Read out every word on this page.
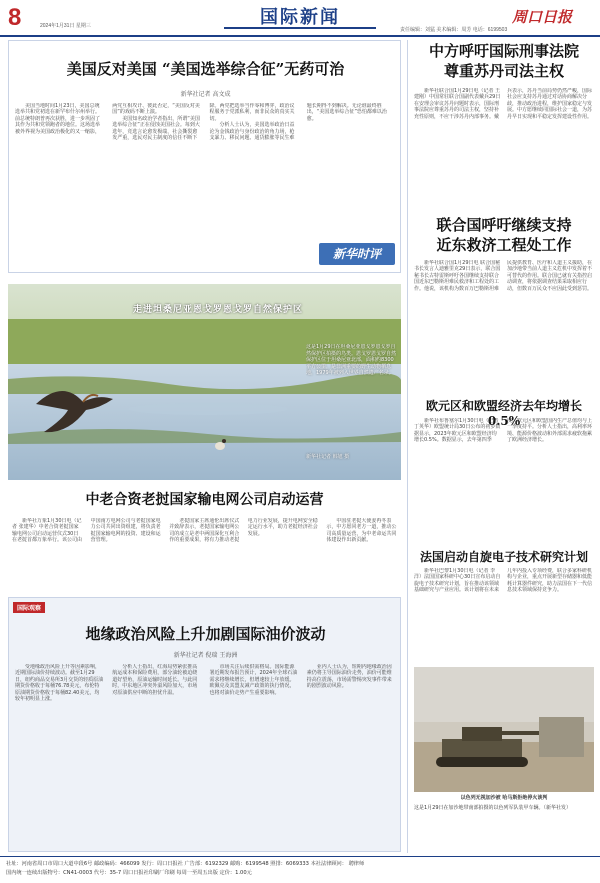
8	2024年1月31日 星期三	国际新闻	周口日报
责任编辑：刘猛 美术编辑：周芳 电话：6199503
美国反对美国 “美国选举综合征”无药可治
新华社记者 高文成

美国当地时间1月23日，美国总统选举共和党初选在新罕布什尔州举行。前总统特朗普再次获胜，进一步巩固了其作为共和党领跑者的地位。这场选举被外界视为美国政治极化的又一缩影，两党互相攻讦、彼此否定，“美国反对美国”的戏码不断上演。

美国知名政治学者指出，所谓“美国选举综合征”正在侵蚀美国社会。每到大选年，竞选言论愈发极端，社会撕裂愈发严重，选民对民主制度的信任不断下降。两党把选举当作零和博弈，政治议程服务于党派私利，而非民众的真实关切。

分析人士认为，美国选举政治日益沦为金钱政治与身份政治的角力场，枪支暴力、移民问题、通货膨胀等民生难题长期得不到解决。无论谁最终胜出，“美国选举综合征”恐怕都难以治愈。

新华时评
走进坦桑尼亚恩戈罗恩戈罗自然保护区
这是1月29日在坦桑尼亚恩戈罗恩戈罗自然保护区拍摄的鸟类。恩戈罗恩戈罗自然保护区位于坦桑尼亚北部，面积约8300平方公里，是非洲重要的野生动物栖息地，1979年被列入世界自然遗产名录。
新华社记者 韩旭 摄
中老合资老挝国家输电网公司启动运营

新华社万象1月30日电（记者 张建华）中老合资老挝国家输电网公司启动运营仪式30日在老挝首都万象举行。该公司由中国南方电网公司与老挝国家电力公司共同出资组建，将负责老挝国家输电网的投资、建设和运营管理。

老挝国家主席通伦出席仪式并致辞表示，老挝国家输电网公司的成立是老中两国深化互利合作的重要成果，将有力推动老挝电力行业发展，提升电网安全稳定运行水平，助力老挝经济社会发展。

中国驻老挝大使姜再冬表示，中方愿同老方一道，推动公司高质量运营，为中老命运共同体建设作出新贡献。

国际观察
地缘政治风险上升加剧国际油价波动
新华社记者 倪瑞 王海洲

受地缘政治风险上升等因素影响，近期国际油价持续波动。截至1月29日，纽约商品交易所3月交货的轻质原油期货价格收于每桶76.78美元，布伦特原油期货价格收于每桶82.40美元，均较年初明显上涨。

分析人士指出，红海局势紧张推高航运成本和保险费用，部分油轮被迫绕道好望角，原油运输时间延长。与此同时，中东地区冲突外溢风险加大，市场对原油供应中断的担忧升温。

市场关注后续供需格局。国际能源署近期发布报告预计，2024年全球石油需求将继续增长，但增速较上年放缓。欧佩克及其盟友减产政策的执行情况，也将对油价走势产生重要影响。

业内人士认为，短期内地缘政治因素仍将主导国际油价走势，油价可能维持高位震荡，市场需警惕突发事件带来的剧烈波动风险。

中方呼吁国际刑事法院
尊重苏丹司法主权

新华社联合国1月29日电（记者 王建刚）中国常驻联合国副代表戴兵29日在安理会审议苏丹问题时表示，国际刑事法院应尊重苏丹的司法主权，坚持补充性原则，不应干涉苏丹内部事务。戴兵表示，苏丹当前局势仍然严峻，国际社会应支持苏丹通过对话协商解决分歧，推动政治进程，维护国家稳定与发展。中方愿继续同国际社会一道，为苏丹早日实现和平稳定发挥建设性作用。

联合国呼吁继续支持
近东救济工程处工作

新华社联合国1月29日电 联合国秘书长发言人迪雅里克29日表示，联合国秘书长古特雷斯呼吁各国继续支持联合国近东巴勒斯坦难民救济和工程处的工作。他说，该机构为数百万巴勒斯坦难民提供教育、医疗和人道主义援助，在加沙地带当前人道主义危机中发挥着不可替代的作用。联合国已就有关指控启动调查，将依据调查结果采取相应行动，但数百万民众不应因此受到惩罚。

欧元区和欧盟经济去年均增长0.5%

新华社布鲁塞尔1月30日电（记者 丁英华）欧盟统计局30日公布的初步数据显示，2023年欧元区和欧盟经济均增长0.5%。数据显示，去年第四季度，欧元区和欧盟国内生产总值均与上一季度持平。分析人士指出，高利率环境、能源价格波动和外部需求疲软拖累了欧洲经济增长。

法国启动自旋电子技术研究计划

新华社巴黎1月30日电（记者 李洋）法国国家科研中心30日宣布启动自旋电子技术研究计划，旨在推动该领域基础研究与产业应用。该计划将在未来几年内投入专项经费，联合多家科研机构与企业，重点开展新型存储器和低能耗计算器件研究，助力法国在下一代信息技术领域保持竞争力。

以色列无视加沙被 哈马斯拒绝停火谈判
这是1月29日在加沙地带南部拍摄的以色列军队装甲车辆。（新华社发）
社址：河南省周口市周口大道中段6号 邮政编码：466099 发行：周口日报社 广告部：6192329 邮购：6199548 照排：6069333 本社法律顾问： 聘律师
国内统一连续出版物号：CN41-0003 代号：35-7 周口日报社印刷厂印刷 每周一至周五出版 定价：1.00元
